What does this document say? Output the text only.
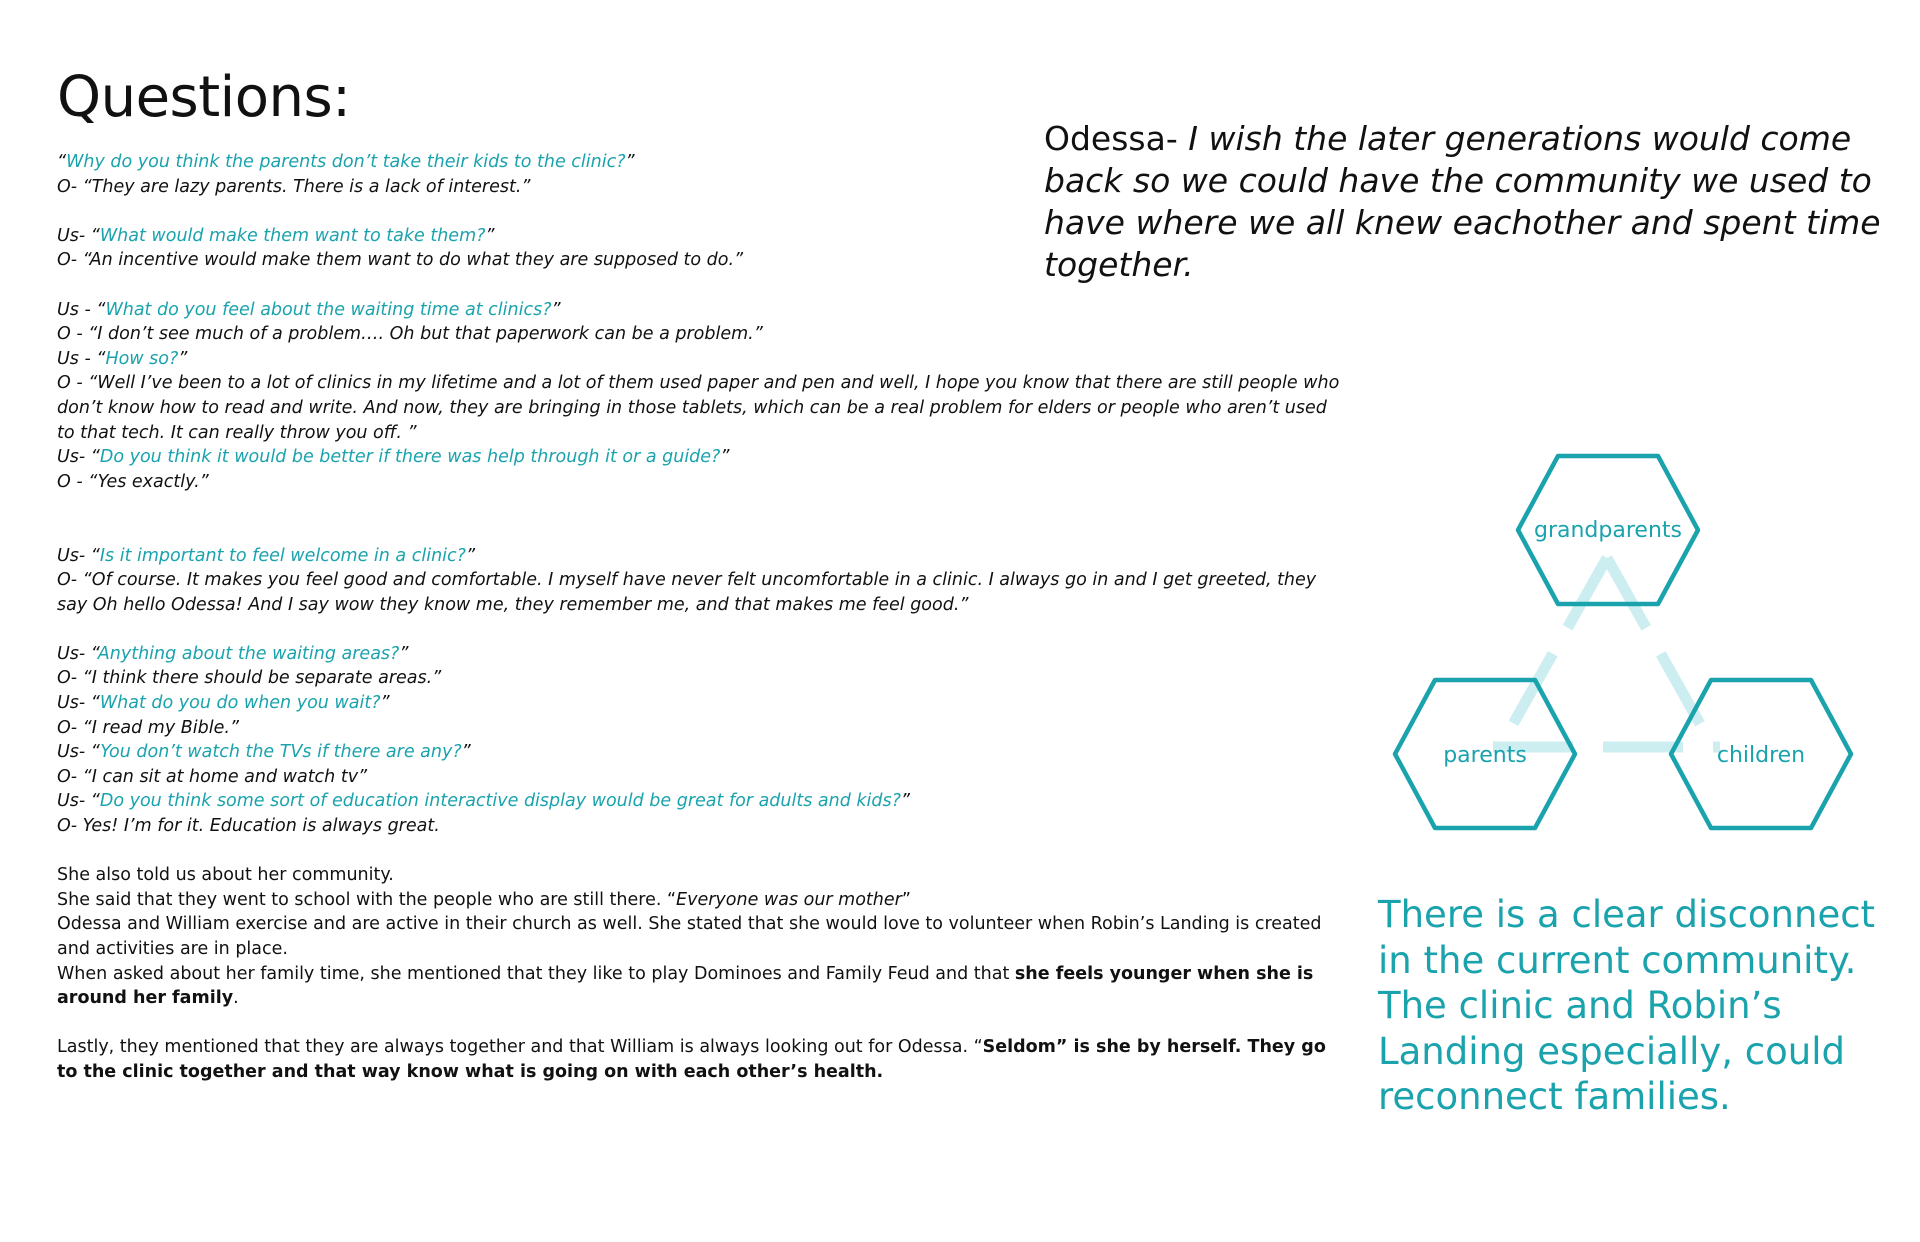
Questions:
“Why do you think the parents don’t take their kids to the clinic?”
O- “They are lazy parents. There is a lack of interest.”
Us- “What would make them want to take them?”
O- “An incentive would make them want to do what they are supposed to do.”
Us - “What do you feel about the waiting time at clinics?”
O - “I don’t see much of a problem…. Oh but that paperwork can be a problem.”
Us - “How so?”
O - “Well I’ve been to a lot of clinics in my lifetime and a lot of them used paper and pen and well, I hope you know that there are still people who don’t know how to read and write. And now, they are bringing in those tablets, which can be a real problem for elders or people who aren’t used to that tech. It can really throw you off. ”
Us- “Do you think it would be better if there was help through it or a guide?”
O - “Yes exactly.”
Us- “Is it important to feel welcome in a clinic?”
O- “Of course. It makes you feel good and comfortable. I myself have never felt uncomfortable in a clinic. I always go in and I get greeted, they say Oh hello Odessa! And I say wow they know me, they remember me, and that makes me feel good.”
Us- “Anything about the waiting areas?”
O- “I think there should be separate areas.”
Us- “What do you do when you wait?”
O- “I read my Bible.”
Us- “You don’t watch the TVs if there are any?”
O- “I can sit at home and watch tv”
Us- “Do you think some sort of education interactive display would be great for adults and kids?”
O- Yes! I’m for it. Education is always great.
She also told us about her community.
She said that they went to school with the people who are still there. “Everyone was our mother”
Odessa and William exercise and are active in their church as well. She stated that she would love to volunteer when Robin’s Landing is created and activities are in place.
When asked about her family time, she mentioned that they like to play Dominoes and Family Feud and that she feels younger when she is around her family.
Lastly, they mentioned that they are always together and that William is always looking out for Odessa. “Seldom” is she by herself. They go to the clinic together and that way know what is going on with each other’s health.
Odessa- I wish the later generations would come back so we could have the community we used to have where we all knew eachother and spent time together.
grandparents
parents	children
There is a clear disconnect in the current community. The clinic and Robin’s Landing especially, could reconnect families.
